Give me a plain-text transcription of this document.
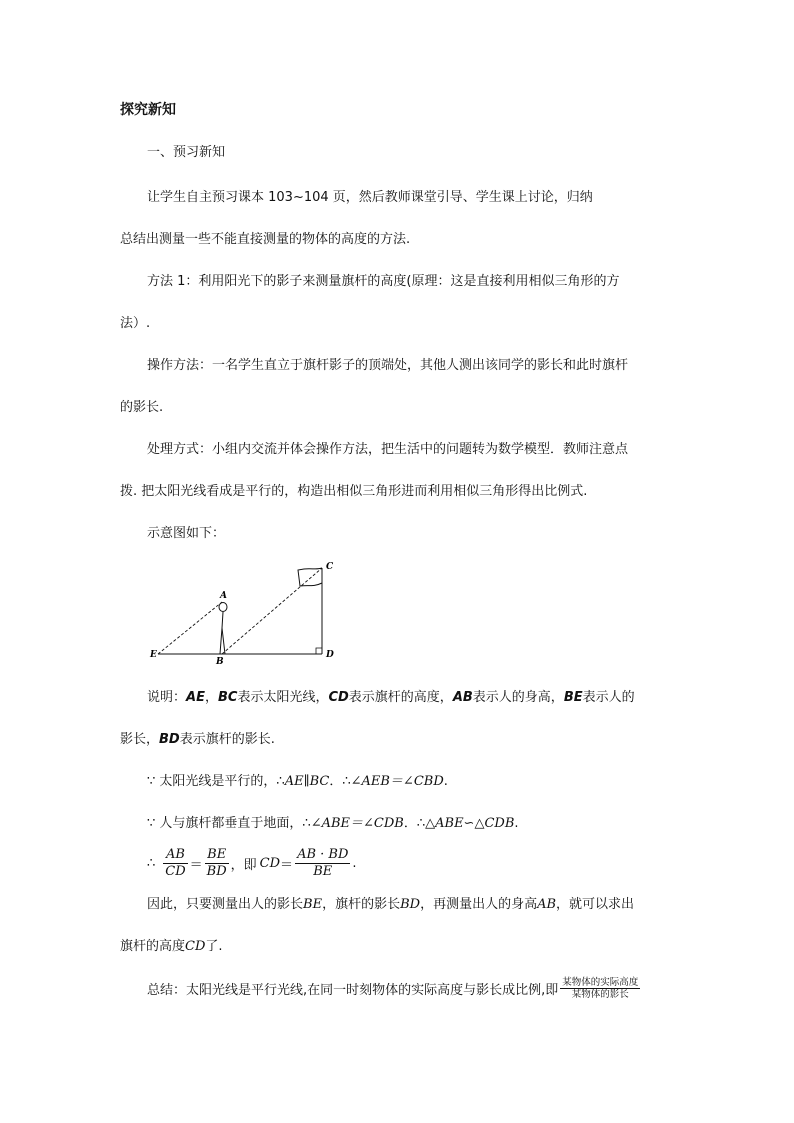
探究新知
一、预习新知
让学生自主预习课本 103~104 页，然后教师课堂引导、学生课上讨论，归纳
总结出测量一些不能直接测量的物体的高度的方法.
方法 1：利用阳光下的影子来测量旗杆的高度(原理：这是直接利用相似三角形的方
法）.
操作方法：一名学生直立于旗杆影子的顶端处，其他人测出该同学的影长和此时旗杆
的影长.
处理方式：小组内交流并体会操作方法，把生活中的问题转为数学模型．教师注意点
拨. 把太阳光线看成是平行的，构造出相似三角形进而利用相似三角形得出比例式.
示意图如下：
A
B
C
D
E
说明：AE，BC表示太阳光线，CD表示旗杆的高度，AB表示人的身高，BE表示人的
影长，BD表示旗杆的影长.
∵ 太阳光线是平行的，∴AE∥BC．∴∠AEB＝∠CBD.
∵ 人与旗杆都垂直于地面，∴∠ABE＝∠CDB．∴△ABE∽△CDB.
∴ $\frac{AB}{CD} = \frac{BE}{BD}$ ，即 CD ＝ $\frac{AB \cdot BD}{BE}$ .
因此，只要测量出人的影长BE，旗杆的影长BD，再测量出人的身高AB，就可以求出
旗杆的高度CD了.
总结：太阳光线是平行光线,在同一时刻物体的实际高度与影长成比例,即 $\frac{\text{某物体的实际高度}}{\text{某物体的影长}}$
